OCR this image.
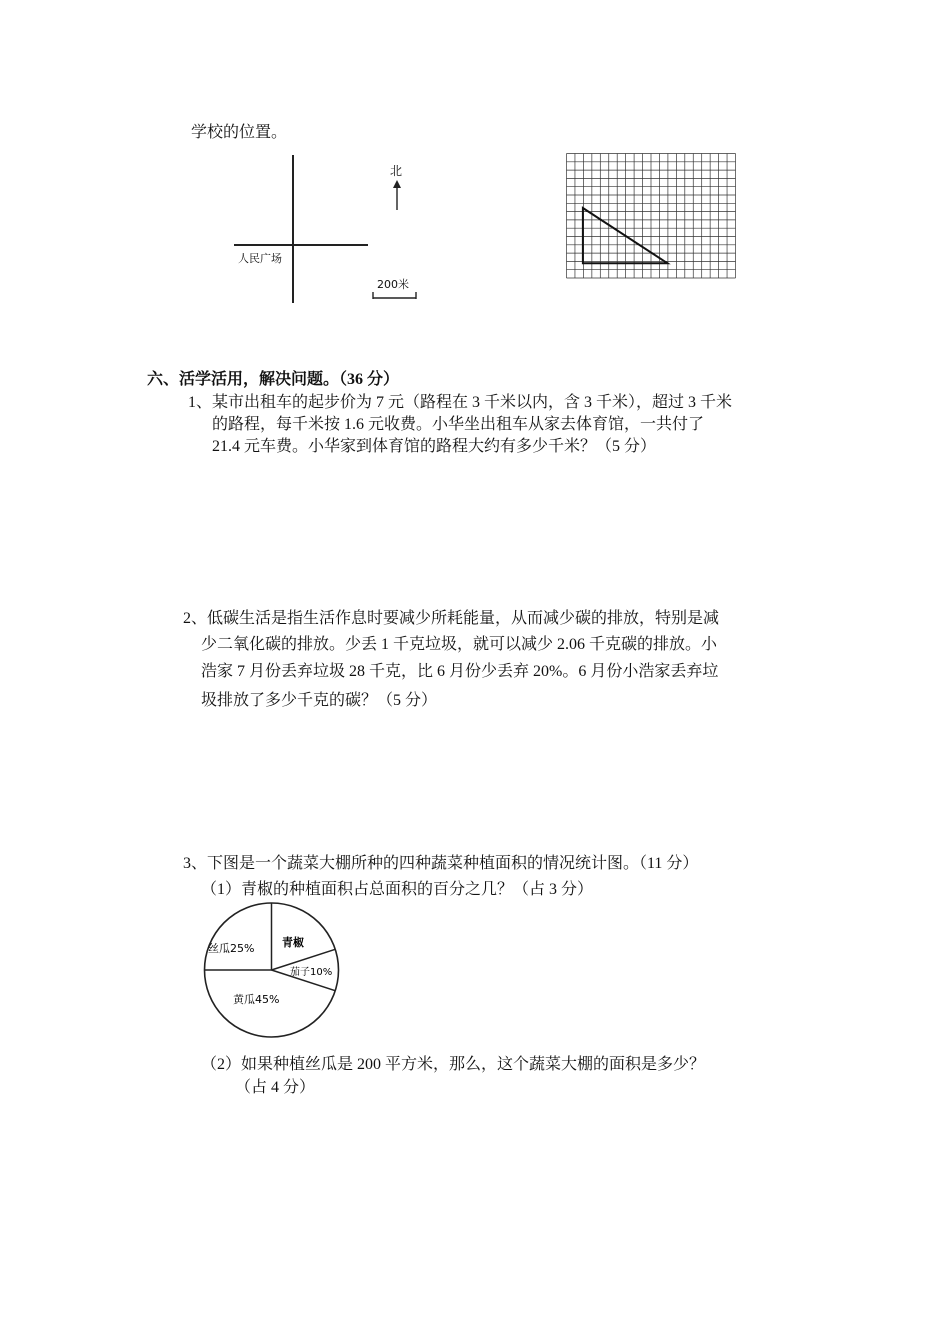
学校的位置。
人民广场
北
200米
六、活学活用，解决问题。（36 分）
1、某市出租车的起步价为 7 元（路程在 3 千米以内，含 3 千米），超过 3 千米
的路程，每千米按 1.6 元收费。小华坐出租车从家去体育馆，一共付了
21.4 元车费。小华家到体育馆的路程大约有多少千米？（5 分）
2、低碳生活是指生活作息时要减少所耗能量，从而减少碳的排放，特别是减
少二氧化碳的排放。少丢 1 千克垃圾，就可以减少 2.06 千克碳的排放。小
浩家 7 月份丢弃垃圾 28 千克，比 6 月份少丢弃 20%。6 月份小浩家丢弃垃
圾排放了多少千克的碳？（5 分）
3、下图是一个蔬菜大棚所种的四种蔬菜种植面积的情况统计图。（11 分）
（1）青椒的种植面积占总面积的百分之几？（占 3 分）
青椒
丝瓜25%
茄子10%
黄瓜45%
（2）如果种植丝瓜是 200 平方米，那么，这个蔬菜大棚的面积是多少？
（占 4 分）
